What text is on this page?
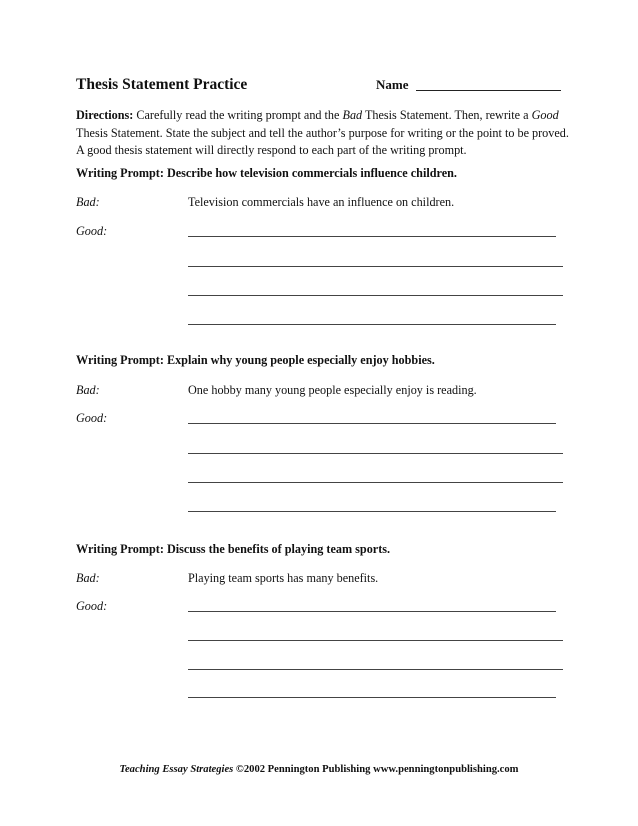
Thesis Statement Practice	Name
Directions: Carefully read the writing prompt and the Bad Thesis Statement. Then, rewrite a Good Thesis Statement. State the subject and tell the author’s purpose for writing or the point to be proved. A good thesis statement will directly respond to each part of the writing prompt.
Writing Prompt: Describe how television commercials influence children.
Bad:	Television commercials have an influence on children.
Good:
Writing Prompt: Explain why young people especially enjoy hobbies.
Bad:	One hobby many young people especially enjoy is reading.
Good:
Writing Prompt: Discuss the benefits of playing team sports.
Bad:	Playing team sports has many benefits.
Good:
Teaching Essay Strategies ©2002 Pennington Publishing www.penningtonpublishing.com
